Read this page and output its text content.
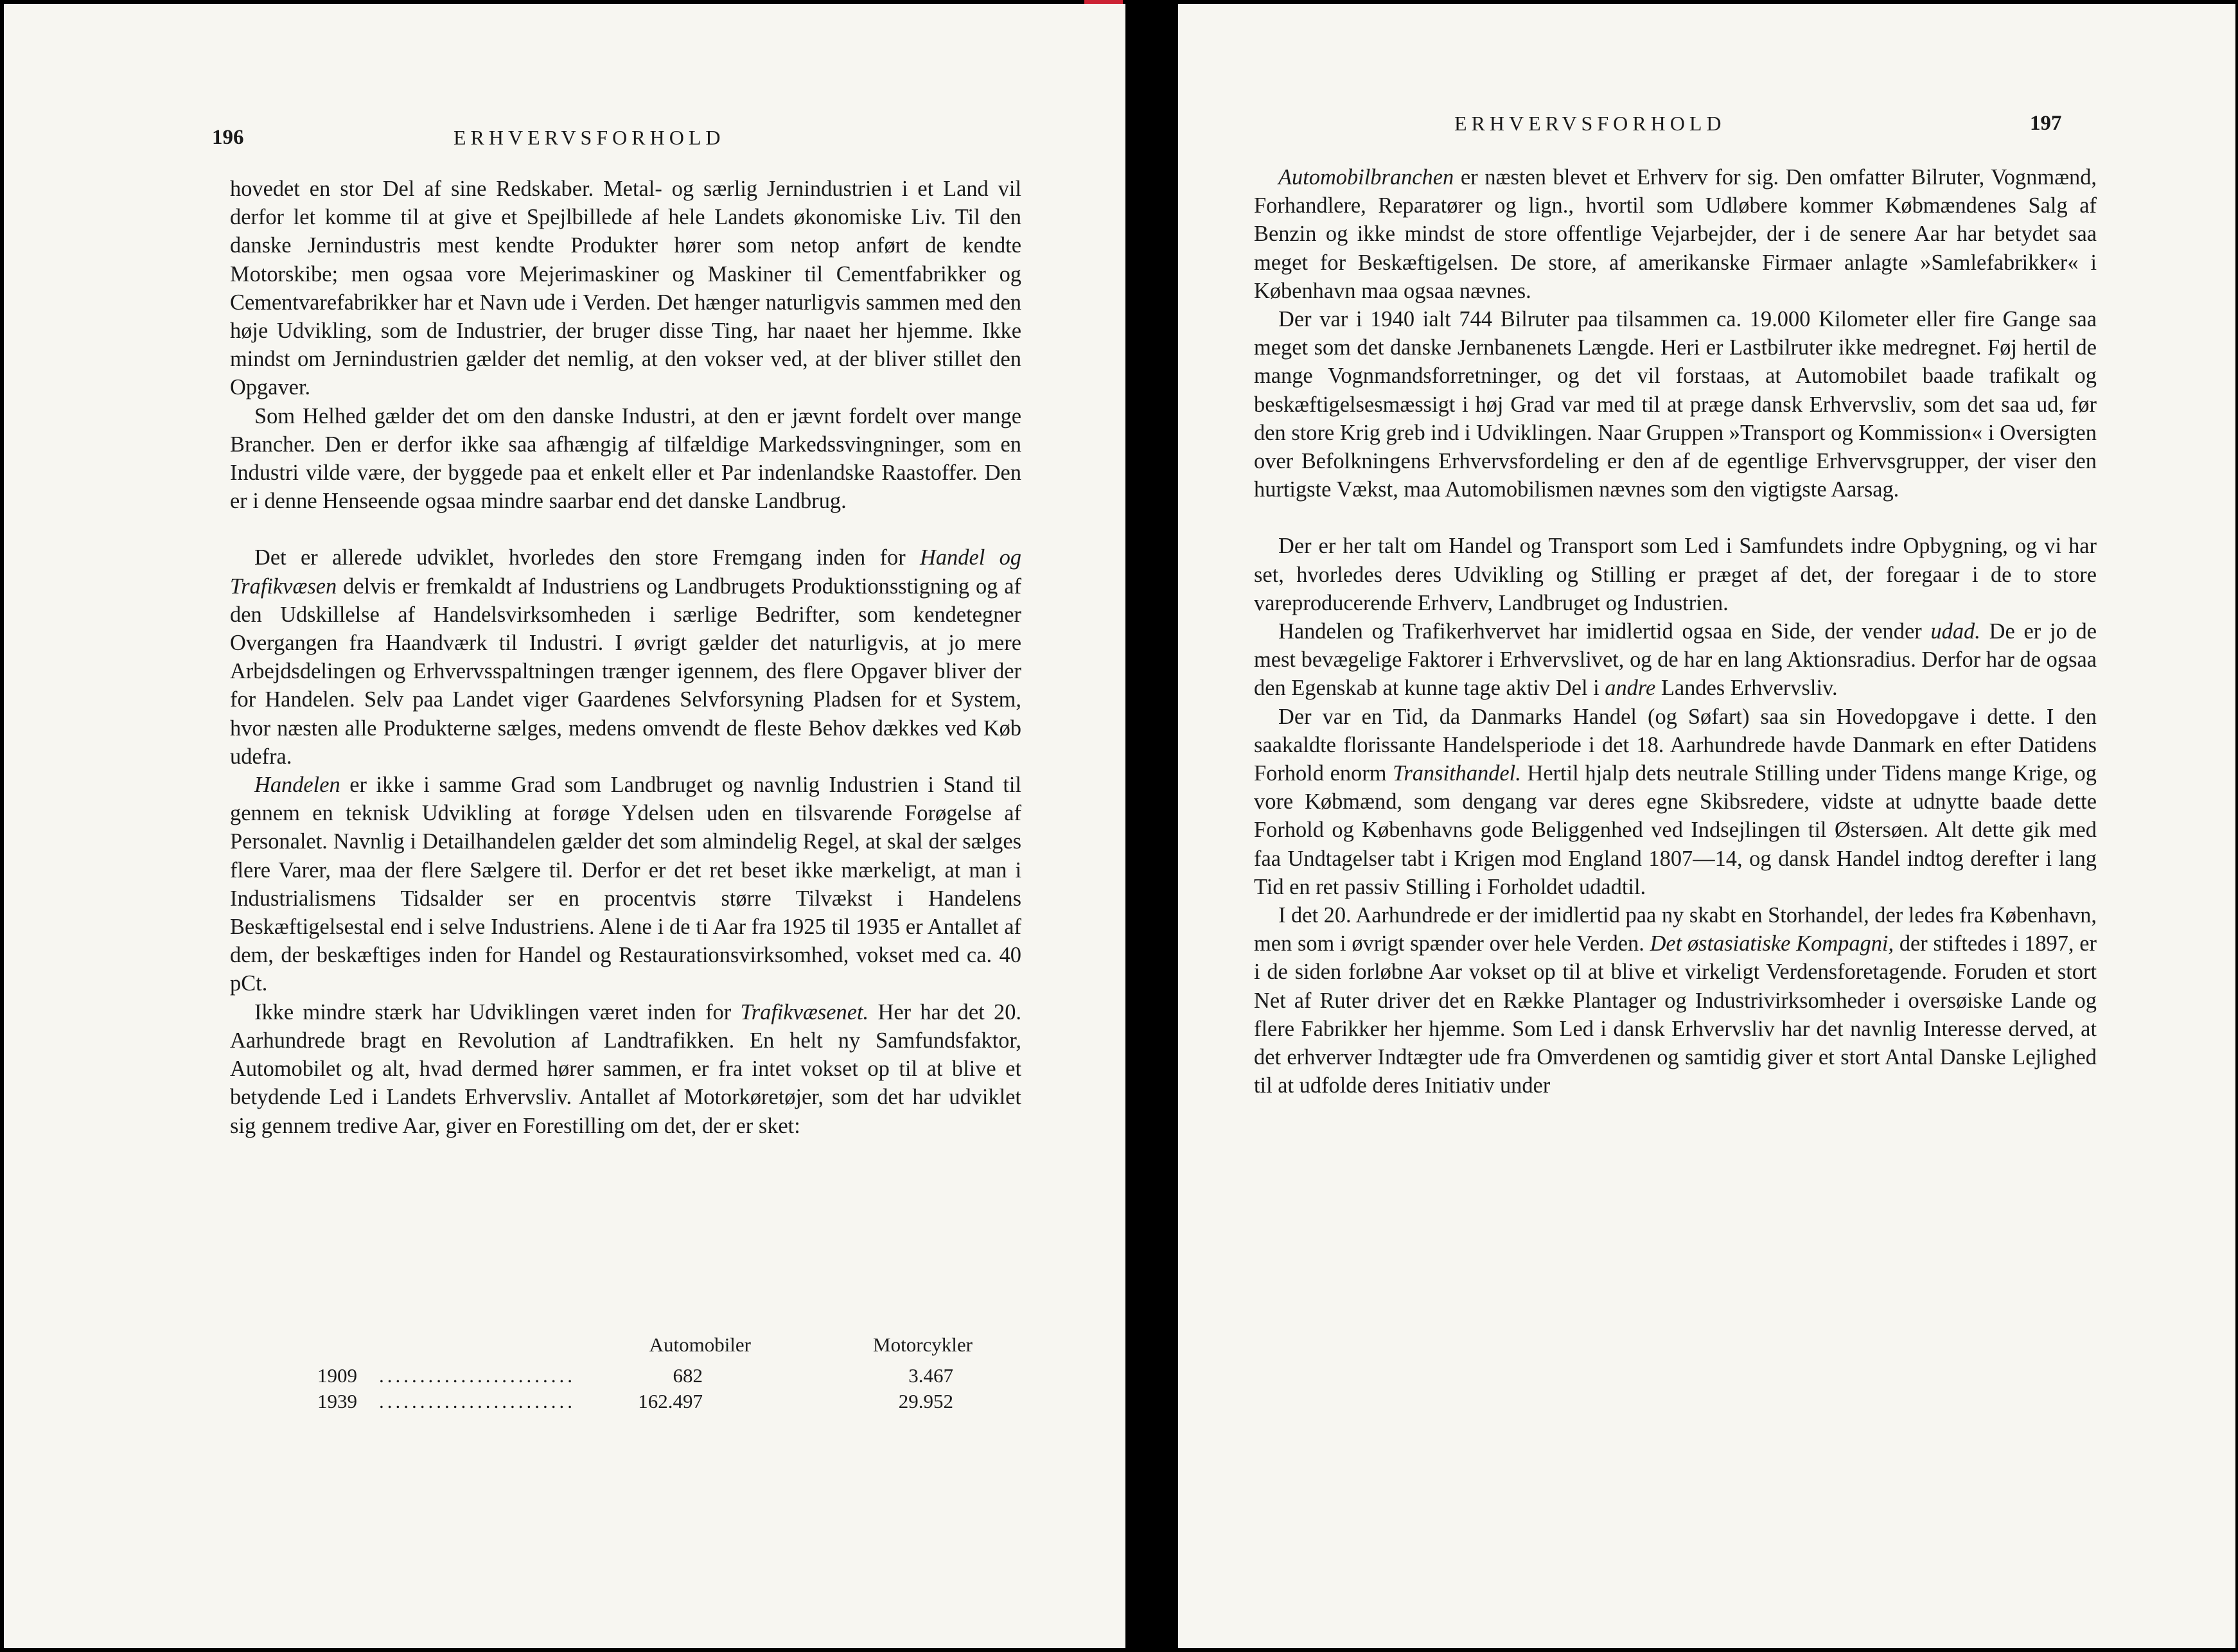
196	ERHVERVSFORHOLD

hovedet en stor Del af sine Redskaber. Metal- og særlig Jernindustrien i et Land vil derfor let komme til at give et Spejlbillede af hele Landets økonomiske Liv. Til den danske Jernindustris mest kendte Produkter hører som netop anført de kendte Motorskibe; men ogsaa vore Mejerimaskiner og Maskiner til Cementfabrikker og Cementvarefabrikker har et Navn ude i Verden. Det hænger naturligvis sammen med den høje Udvikling, som de Industrier, der bruger disse Ting, har naaet her hjemme. Ikke mindst om Jernindustrien gælder det nemlig, at den vokser ved, at der bliver stillet den Opgaver.

Som Helhed gælder det om den danske Industri, at den er jævnt fordelt over mange Brancher. Den er derfor ikke saa afhængig af tilfældige Markedssvingninger, som en Industri vilde være, der byggede paa et enkelt eller et Par indenlandske Raastoffer. Den er i denne Henseende ogsaa mindre saarbar end det danske Landbrug.

Det er allerede udviklet, hvorledes den store Fremgang inden for Handel og Trafikvæsen delvis er fremkaldt af Industriens og Landbrugets Produktionsstigning og af den Udskillelse af Handelsvirksomheden i særlige Bedrifter, som kendetegner Overgangen fra Haandværk til Industri. I øvrigt gælder det naturligvis, at jo mere Arbejdsdelingen og Erhvervsspaltningen trænger igennem, des flere Opgaver bliver der for Handelen. Selv paa Landet viger Gaardenes Selvforsyning Pladsen for et System, hvor næsten alle Produkterne sælges, medens omvendt de fleste Behov dækkes ved Køb udefra.

Handelen er ikke i samme Grad som Landbruget og navnlig Industrien i Stand til gennem en teknisk Udvikling at forøge Ydelsen uden en tilsvarende Forøgelse af Personalet. Navnlig i Detailhandelen gælder det som almindelig Regel, at skal der sælges flere Varer, maa der flere Sælgere til. Derfor er det ret beset ikke mærkeligt, at man i Industrialismens Tidsalder ser en procentvis større Tilvækst i Handelens Beskæftigelsestal end i selve Industriens. Alene i de ti Aar fra 1925 til 1935 er Antallet af dem, der beskæftiges inden for Handel og Restaurationsvirksomhed, vokset med ca. 40 pCt.

Ikke mindre stærk har Udviklingen været inden for Trafikvæsenet. Her har det 20. Aarhundrede bragt en Revolution af Landtrafikken. En helt ny Samfundsfaktor, Automobilet og alt, hvad dermed hører sammen, er fra intet vokset op til at blive et betydende Led i Landets Erhvervsliv. Antallet af Motorkøretøjer, som det har udviklet sig gennem tredive Aar, giver en Forestilling om det, der er sket:

Automobiler	Motorcykler
1909 ........................	682	3.467
1939 ........................	162.497	29.952
ERHVERVSFORHOLD	197

Automobilbranchen er næsten blevet et Erhverv for sig. Den omfatter Bilruter, Vognmænd, Forhandlere, Reparatører og lign., hvortil som Udløbere kommer Købmændenes Salg af Benzin og ikke mindst de store offentlige Vejarbejder, der i de senere Aar har betydet saa meget for Beskæftigelsen. De store, af amerikanske Firmaer anlagte »Samlefabrikker« i København maa ogsaa nævnes.

Der var i 1940 ialt 744 Bilruter paa tilsammen ca. 19.000 Kilometer eller fire Gange saa meget som det danske Jernbanenets Længde. Heri er Lastbilruter ikke medregnet. Føj hertil de mange Vognmandsforretninger, og det vil forstaas, at Automobilet baade trafikalt og beskæftigelsesmæssigt i høj Grad var med til at præge dansk Erhvervsliv, som det saa ud, før den store Krig greb ind i Udviklingen. Naar Gruppen »Transport og Kommission« i Oversigten over Befolkningens Erhvervsfordeling er den af de egentlige Erhvervsgrupper, der viser den hurtigste Vækst, maa Automobilismen nævnes som den vigtigste Aarsag.

Der er her talt om Handel og Transport som Led i Samfundets indre Opbygning, og vi har set, hvorledes deres Udvikling og Stilling er præget af det, der foregaar i de to store vareproducerende Erhverv, Landbruget og Industrien.

Handelen og Trafikerhvervet har imidlertid ogsaa en Side, der vender udad. De er jo de mest bevægelige Faktorer i Erhvervslivet, og de har en lang Aktionsradius. Derfor har de ogsaa den Egenskab at kunne tage aktiv Del i andre Landes Erhvervsliv.

Der var en Tid, da Danmarks Handel (og Søfart) saa sin Hovedopgave i dette. I den saakaldte florissante Handelsperiode i det 18. Aarhundrede havde Danmark en efter Datidens Forhold enorm Transithandel. Hertil hjalp dets neutrale Stilling under Tidens mange Krige, og vore Købmænd, som dengang var deres egne Skibsredere, vidste at udnytte baade dette Forhold og Københavns gode Beliggenhed ved Indsejlingen til Østersøen. Alt dette gik med faa Undtagelser tabt i Krigen mod England 1807—14, og dansk Handel indtog derefter i lang Tid en ret passiv Stilling i Forholdet udadtil.

I det 20. Aarhundrede er der imidlertid paa ny skabt en Storhandel, der ledes fra København, men som i øvrigt spænder over hele Verden. Det østasiatiske Kompagni, der stiftedes i 1897, er i de siden forløbne Aar vokset op til at blive et virkeligt Verdensforetagende. Foruden et stort Net af Ruter driver det en Række Plantager og Industrivirksomheder i oversøiske Lande og flere Fabrikker her hjemme. Som Led i dansk Erhvervsliv har det navnlig Interesse derved, at det erhverver Indtægter ude fra Omverdenen og samtidig giver et stort Antal Danske Lejlighed til at udfolde deres Initiativ under
